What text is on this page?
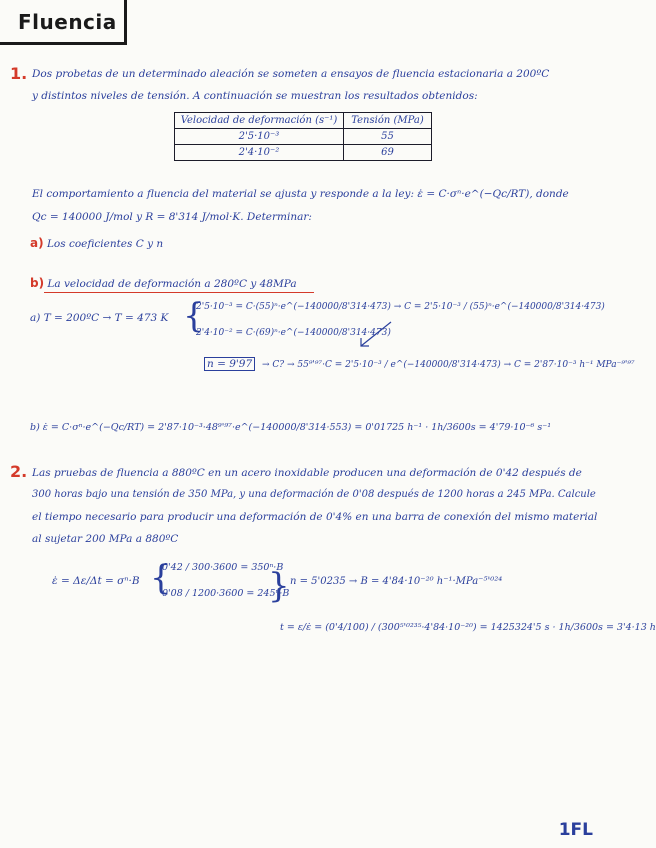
Fluencia
1. Dos probetas de un determinado aleación se someten a ensayos de fluencia estacionaria a 200ºC
y distintos niveles de tensión. A continuación se muestran los resultados obtenidos:
Velocidad de deformación (s⁻¹)	Tensión (MPa)
2'5·10⁻³	55
2'4·10⁻²	69
El comportamiento a fluencia del material se ajusta y responde a la ley: ε̇ = C·σⁿ·e^(−Qc/RT), donde
Qc = 140000 J/mol y R = 8'314 J/mol·K. Determinar:
a) Los coeficientes C y n
b) La velocidad de deformación a 280ºC y 48MPa
a) T = 200ºC → T = 473 K {
2'5·10⁻³ = C·(55)ⁿ·e^(−140000/8'314·473) → C = 2'5·10⁻³ / (55)ⁿ·e^(−140000/8'314·473)
2'4·10⁻² = C·(69)ⁿ·e^(−140000/8'314·473)
n = 9'97	→ C? → 55⁹'⁹⁷·C = 2'5·10⁻³ / e^(−140000/8'314·473) → C = 2'87·10⁻³ h⁻¹ MPa⁻⁹'⁹⁷
b) ε̇ = C·σⁿ·e^(−Qc/RT) = 2'87·10⁻³·48⁹'⁹⁷·e^(−140000/8'314·553) = 0'01725 h⁻¹ · 1h/3600s = 4'79·10⁻⁶ s⁻¹
2. Las pruebas de fluencia a 880ºC en un acero inoxidable producen una deformación de 0'42 después de
300 horas bajo una tensión de 350 MPa, y una deformación de 0'08 después de 1200 horas a 245 MPa. Calcule
el tiempo necesario para producir una deformación de 0'4% en una barra de conexión del mismo material
al sujetar 200 MPa a 880ºC
ε̇ = Δε/Δt = σⁿ·B {
0'42 / 300·3600 = 350ⁿ·B
0'08 / 1200·3600 = 245ⁿ·B
} n = 5'0235 → B = 4'84·10⁻²⁰ h⁻¹·MPa⁻⁵'⁰²⁴
t = ε/ε̇ = (0'4/100) / (300⁵'⁰²³⁵·4'84·10⁻²⁰) = 1425324'5 s · 1h/3600s = 3'4·13 h
1FL
